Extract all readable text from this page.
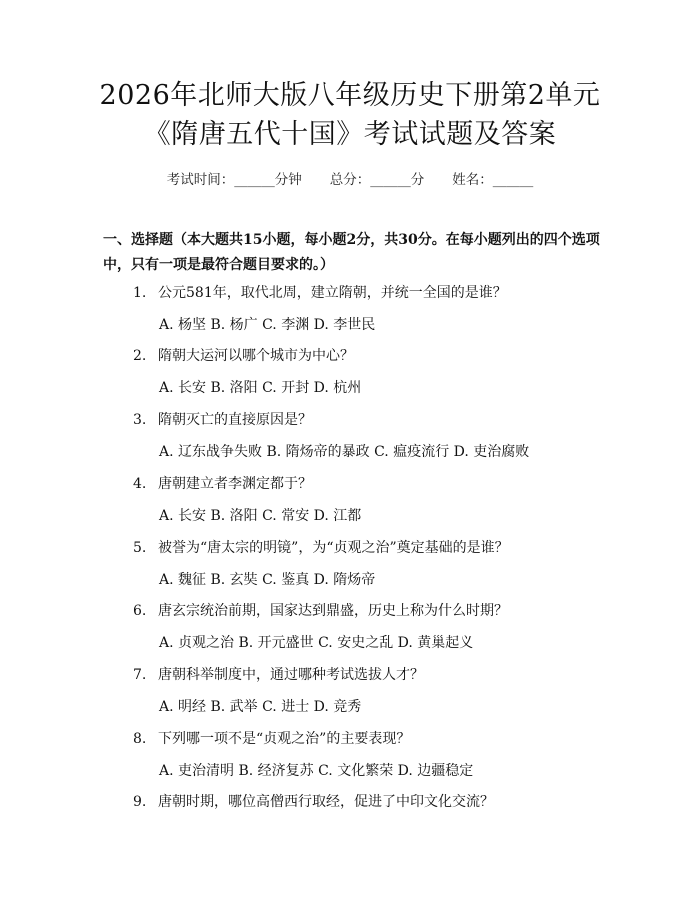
2026年北师大版八年级历史下册第2单元
《隋唐五代十国》考试试题及答案
考试时间：______分钟 总分：______分 姓名：______
一、选择题（本大题共15小题，每小题2分，共30分。在每小题列出的四个选项中，只有一项是最符合题目要求的。）
1. 公元581年，取代北周，建立隋朝，并统一全国的是谁？
A. 杨坚 B. 杨广 C. 李渊 D. 李世民
2. 隋朝大运河以哪个城市为中心？
A. 长安 B. 洛阳 C. 开封 D. 杭州
3. 隋朝灭亡的直接原因是？
A. 辽东战争失败 B. 隋炀帝的暴政 C. 瘟疫流行 D. 吏治腐败
4. 唐朝建立者李渊定都于？
A. 长安 B. 洛阳 C. 常安 D. 江都
5. 被誉为“唐太宗的明镜”，为“贞观之治”奠定基础的是谁？
A. 魏征 B. 玄奘 C. 鉴真 D. 隋炀帝
6. 唐玄宗统治前期，国家达到鼎盛，历史上称为什么时期？
A. 贞观之治 B. 开元盛世 C. 安史之乱 D. 黄巢起义
7. 唐朝科举制度中，通过哪种考试选拔人才？
A. 明经 B. 武举 C. 进士 D. 竞秀
8. 下列哪一项不是“贞观之治”的主要表现？
A. 吏治清明 B. 经济复苏 C. 文化繁荣 D. 边疆稳定
9. 唐朝时期，哪位高僧西行取经，促进了中印文化交流？
